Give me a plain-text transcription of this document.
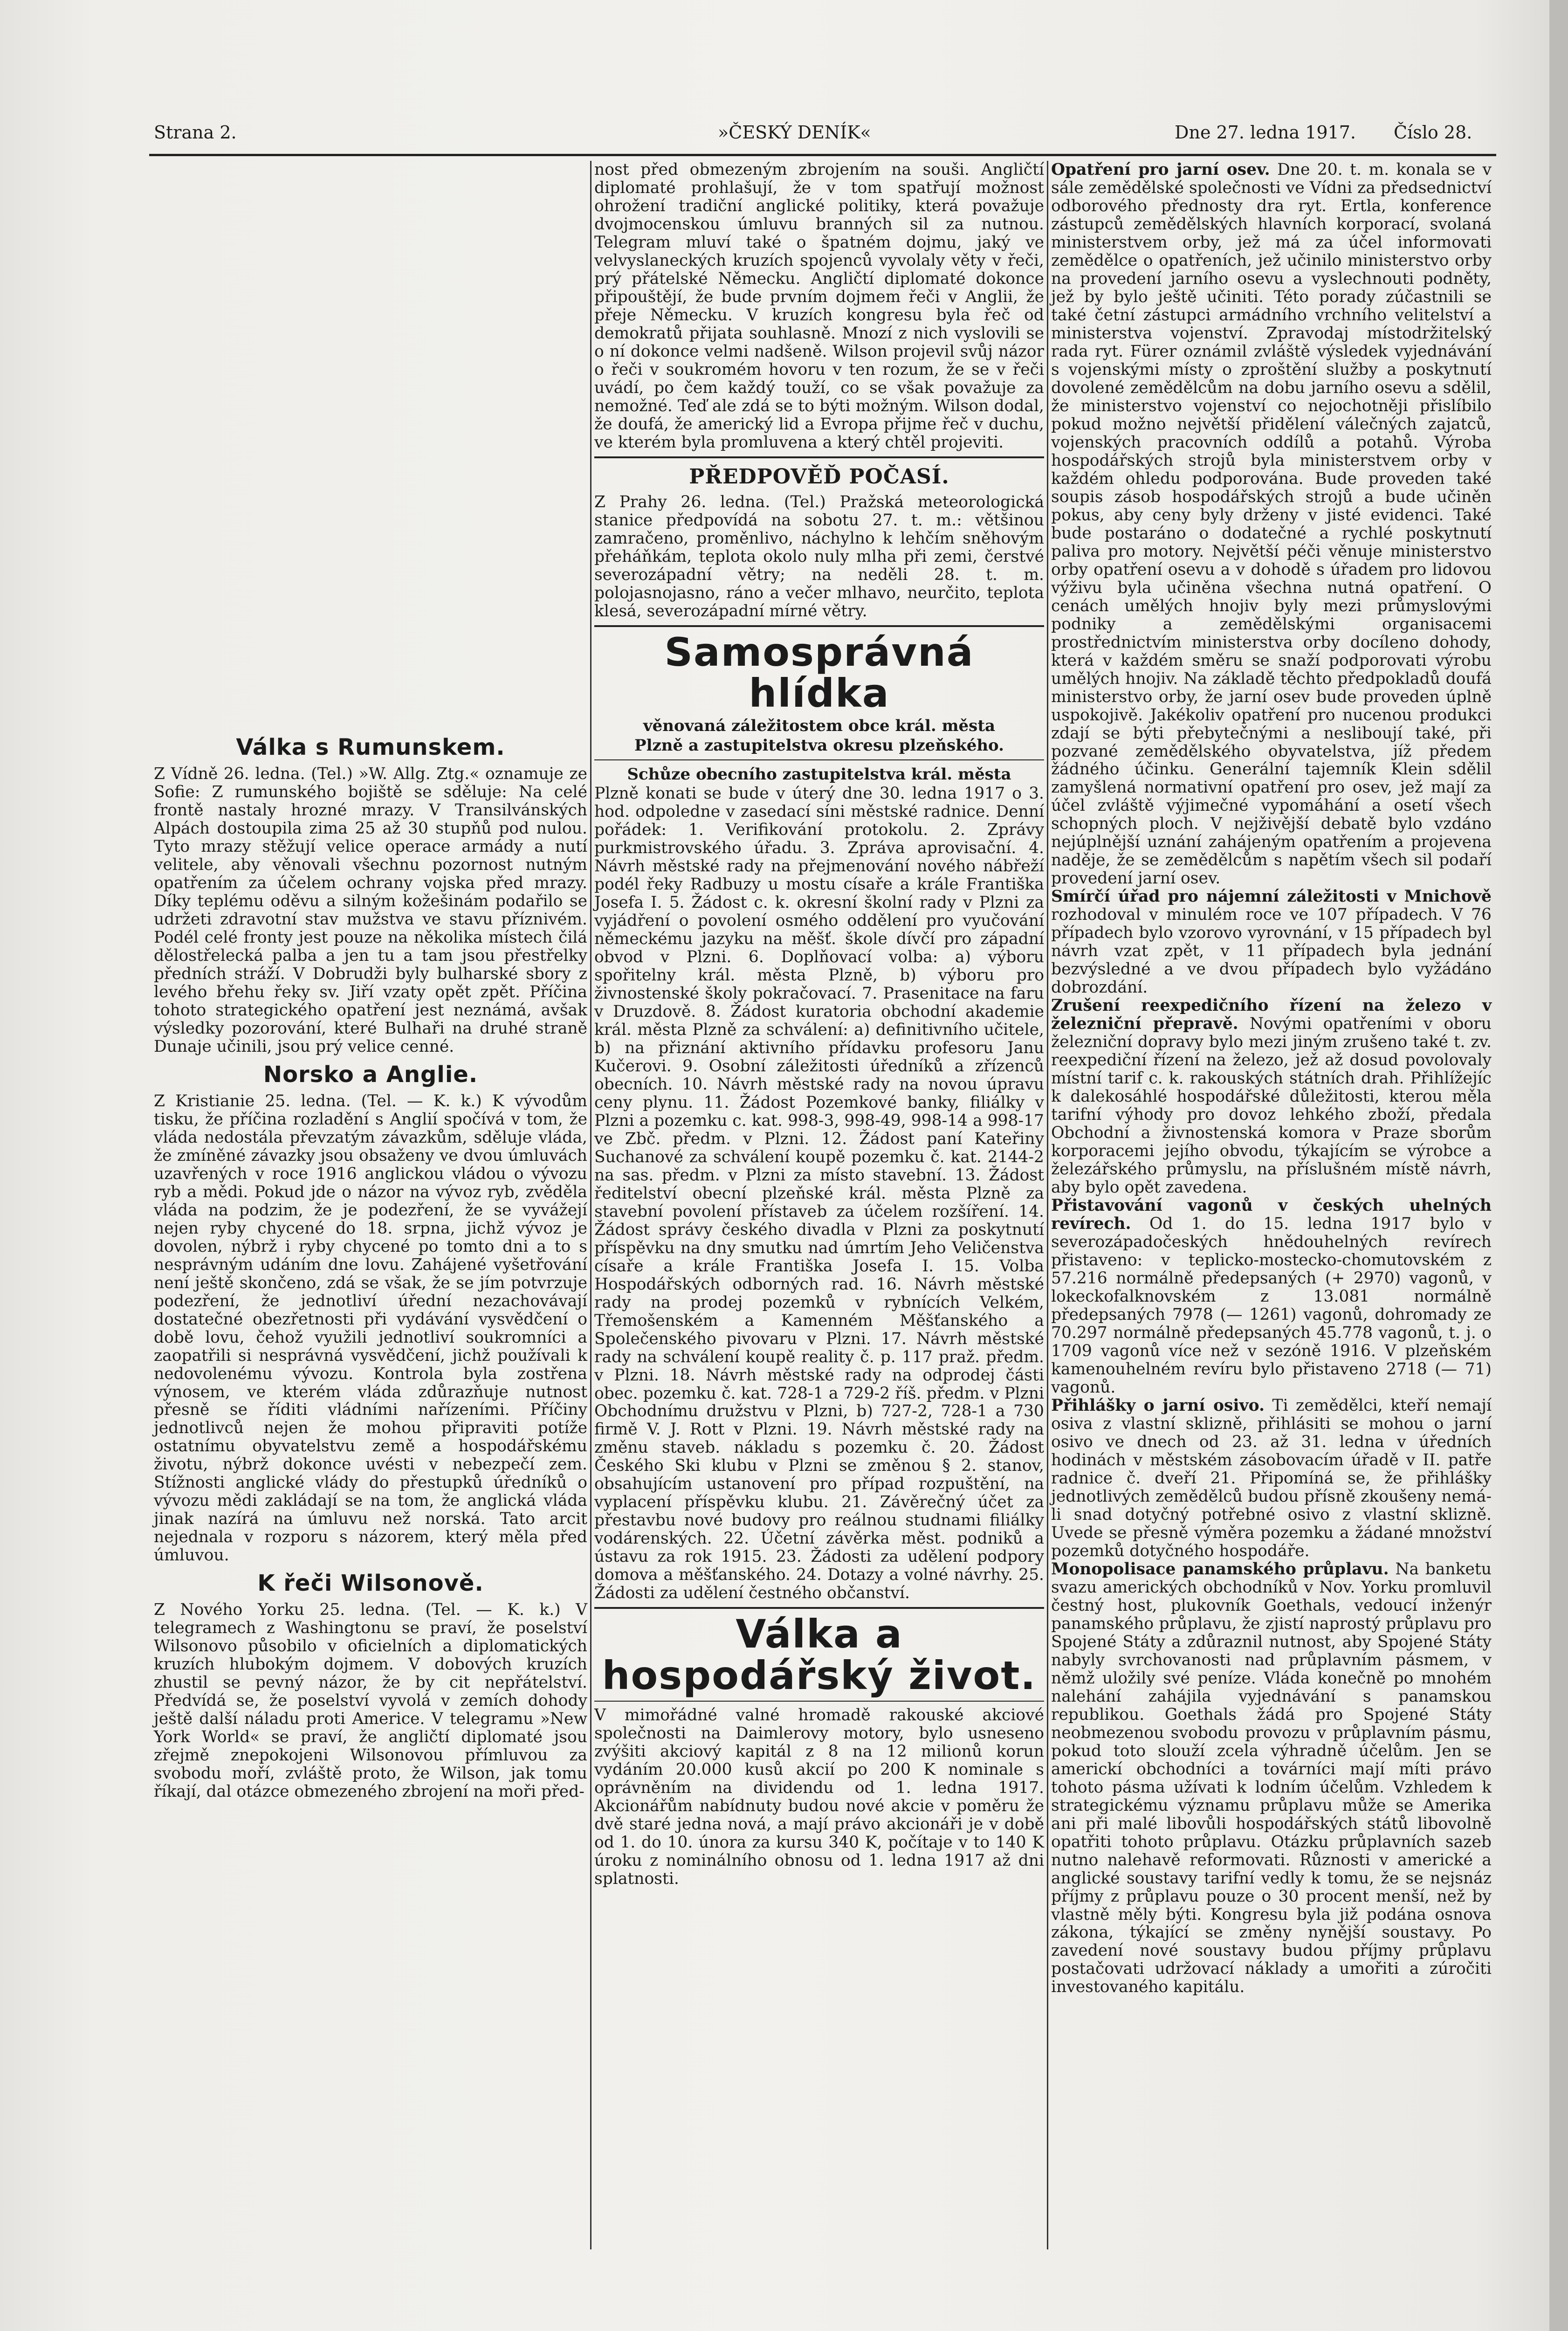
Strana 2.	»ČESKÝ DENÍK«	Dne 27. ledna 1917. Číslo 28.
Válka s Rumunskem.

Z Vídně 26. ledna. (Tel.) »W. Allg. Ztg.« oznamuje ze Sofie: Z rumunského bojiště se sděluje: Na celé frontě nastaly hrozné mrazy. V Transilvánských Alpách dostoupila zima 25 až 30 stupňů pod nulou. Tyto mrazy stěžují velice operace armády a nutí velitele, aby věnovali všechnu pozornost nutným opatřením za účelem ochrany vojska před mrazy. Díky teplému oděvu a silným kožešinám podařilo se udržeti zdravotní stav mužstva ve stavu příznivém. Podél celé fronty jest pouze na několika místech čilá dělostřelecká palba a jen tu a tam jsou přestřelky předních stráží. V Dobrudži byly bulharské sbory z levého břehu řeky sv. Jiří vzaty opět zpět. Příčina tohoto strategického opatření jest neznámá, avšak výsledky pozorování, které Bulhaři na druhé straně Dunaje učinili, jsou prý velice cenné.

Norsko a Anglie.

Z Kristianie 25. ledna. (Tel. — K. k.) K vývodům tisku, že příčina rozladění s Anglií spočívá v tom, že vláda nedostála převzatým závazkům, sděluje vláda, že zmíněné závazky jsou obsaženy ve dvou úmluvách uzavřených v roce 1916 anglickou vládou o vývozu ryb a mědi. Pokud jde o názor na vývoz ryb, zvěděla vláda na podzim, že je podezření, že se vyvážejí nejen ryby chycené do 18. srpna, jichž vývoz je dovolen, nýbrž i ryby chycené po tomto dni a to s nesprávným udáním dne lovu. Zahájené vyšetřování není ještě skončeno, zdá se však, že se jím potvrzuje podezření, že jednotliví úřední nezachovávají dostatečné obezřetnosti při vydávání vysvědčení o době lovu, čehož využili jednotliví soukromníci a zaopatřili si nesprávná vysvědčení, jichž používali k nedovolenému vývozu. Kontrola byla zostřena výnosem, ve kterém vláda zdůrazňuje nutnost přesně se říditi vládními nařízeními. Příčiny jednotlivců nejen že mohou připraviti potíže ostatnímu obyvatelstvu země a hospodářskému životu, nýbrž dokonce uvésti v nebezpečí zem. Stížnosti anglické vlády do přestupků úředníků o vývozu mědi zakládají se na tom, že anglická vláda jinak nazírá na úmluvu než norská. Tato arcit nejednala v rozporu s názorem, který měla před úmluvou.

K řeči Wilsonově.

Z Nového Yorku 25. ledna. (Tel. — K. k.) V telegramech z Washingtonu se praví, že poselství Wilsonovo působilo v oficielních a diplomatických kruzích hlubokým dojmem. V dobových kruzích zhustil se pevný názor, že by cit nepřátelství. Předvídá se, že poselství vyvolá v zemích dohody ještě další náladu proti Americe. V telegramu »New York World« se praví, že angličtí diplomaté jsou zřejmě znepokojeni Wilsonovou přímluvou za svobodu moří, zvláště proto, že Wilson, jak tomu říkají, dal otázce obmezeného zbrojení na moři před-

nost před obmezeným zbrojením na souši. Angličtí diplomaté prohlašují, že v tom spatřují možnost ohrožení tradiční anglické politiky, která považuje dvojmocenskou úmluvu branných sil za nutnou. Telegram mluví také o špatném dojmu, jaký ve velvyslaneckých kruzích spojenců vyvolaly věty v řeči, prý přátelské Německu. Angličtí diplomaté dokonce připouštějí, že bude prvním dojmem řeči v Anglii, že přeje Německu. V kruzích kongresu byla řeč od demokratů přijata souhlasně. Mnozí z nich vyslovili se o ní dokonce velmi nadšeně. Wilson projevil svůj názor o řeči v soukromém hovoru v ten rozum, že se v řeči uvádí, po čem každý touží, co se však považuje za nemožné. Teď ale zdá se to býti možným. Wilson dodal, že doufá, že americký lid a Evropa přijme řeč v duchu, ve kterém byla promluvena a který chtěl projeviti.

PŘEDPOVĚĎ POČASÍ.

Z Prahy 26. ledna. (Tel.) Pražská meteorologická stanice předpovídá na sobotu 27. t. m.: většinou zamračeno, proměnlivo, náchylno k lehčím sněhovým přeháňkám, teplota okolo nuly mlha při zemi, čerstvé severozápadní větry; na neděli 28. t. m. polojasnojasno, ráno a večer mlhavo, neurčito, teplota klesá, severozápadní mírné větry.

Samosprávná hlídka
věnovaná záležitostem obce král. města
Plzně a zastupitelstva okresu plzeňského.
Schůze obecního zastupitelstva král. města

Plzně konati se bude v úterý dne 30. ledna 1917 o 3. hod. odpoledne v zasedací síni městské radnice. Denní pořádek: 1. Verifikování protokolu. 2. Zprávy purkmistrovského úřadu. 3. Zpráva aprovisační. 4. Návrh městské rady na přejmenování nového nábřeží podél řeky Radbuzy u mostu císaře a krále Františka Josefa I. 5. Žádost c. k. okresní školní rady v Plzni za vyjádření o povolení osmého oddělení pro vyučování německému jazyku na měšť. škole dívčí pro západní obvod v Plzni. 6. Doplňovací volba: a) výboru spořitelny král. města Plzně, b) výboru pro živnostenské školy pokračovací. 7. Prasenitace na faru v Druzdově. 8. Žádost kuratoria obchodní akademie král. města Plzně za schválení: a) definitivního učitele, b) na přiznání aktivního přídavku profesoru Janu Kučerovi. 9. Osobní záležitosti úředníků a zřízenců obecních. 10. Návrh městské rady na novou úpravu ceny plynu. 11. Žádost Pozemkové banky, filiálky v Plzni a pozemku c. kat. 998-3, 998-49, 998-14 a 998-17 ve Zbč. předm. v Plzni. 12. Žádost paní Kateřiny Suchanové za schválení koupě pozemku č. kat. 2144-2 na sas. předm. v Plzni za místo stavební. 13. Žádost ředitelství obecní plzeňské král. města Plzně za stavební povolení přístaveb za účelem rozšíření. 14. Žádost správy českého divadla v Plzni za poskytnutí příspěvku na dny smutku nad úmrtím Jeho Veličenstva císaře a krále Františka Josefa I. 15. Volba Hospodářských odborných rad. 16. Návrh městské rady na prodej pozemků v rybnících Velkém, Třemošenském a Kamenném Měšťanského a Společenského pivovaru v Plzni. 17. Návrh městské rady na schválení koupě reality č. p. 117 praž. předm. v Plzni. 18. Návrh městské rady na odprodej části obec. pozemku č. kat. 728-1 a 729-2 říš. předm. v Plzni Obchodnímu družstvu v Plzni, b) 727-2, 728-1 a 730 firmě V. J. Rott v Plzni. 19. Návrh městské rady na změnu staveb. nákladu s pozemku č. 20. Žádost Českého Ski klubu v Plzni se změnou § 2. stanov, obsahujícím ustanovení pro případ rozpuštění, na vyplacení příspěvku klubu. 21. Závěrečný účet za přestavbu nové budovy pro reálnou studnami filiálky vodárenských. 22. Účetní závěrka měst. podniků a ústavu za rok 1915. 23. Žádosti za udělení podpory domova a měšťanského. 24. Dotazy a volné návrhy. 25. Žádosti za udělení čestného občanství.

Válka a hospodářský život.

V mimořádné valné hromadě rakouské akciové společnosti na Daimlerovy motory, bylo usneseno zvýšiti akciový kapitál z 8 na 12 milionů korun vydáním 20.000 kusů akcií po 200 K nominale s oprávněním na dividendu od 1. ledna 1917. Akcionářům nabídnuty budou nové akcie v poměru že dvě staré jedna nová, a mají právo akcionáři je v době od 1. do 10. února za kursu 340 K, počítaje v to 140 K úroku z nominálního obnosu od 1. ledna 1917 až dni splatnosti.

Opatření pro jarní osev. Dne 20. t. m. konala se v sále zemědělské společnosti ve Vídni za předsednictví odborového přednosty dra ryt. Ertla, konference zástupců zemědělských hlavních korporací, svolaná ministerstvem orby, jež má za účel informovati zemědělce o opatřeních, jež učinilo ministerstvo orby na provedení jarního osevu a vyslechnouti podněty, jež by bylo ještě učiniti. Této porady zúčastnili se také četní zástupci armádního vrchního velitelství a ministerstva vojenství. Zpravodaj místodržitelský rada ryt. Fürer oznámil zvláště výsledek vyjednávání s vojenskými místy o zproštění služby a poskytnutí dovolené zemědělcům na dobu jarního osevu a sdělil, že ministerstvo vojenství co nejochotněji přislíbilo pokud možno největší přidělení válečných zajatců, vojenských pracovních oddílů a potahů. Výroba hospodářských strojů byla ministerstvem orby v každém ohledu podporována. Bude proveden také soupis zásob hospodářských strojů a bude učiněn pokus, aby ceny byly drženy v jisté evidenci. Také bude postaráno o dodatečné a rychlé poskytnutí paliva pro motory. Největší péči věnuje ministerstvo orby opatření osevu a v dohodě s úřadem pro lidovou výživu byla učiněna všechna nutná opatření. O cenách umělých hnojiv byly mezi průmyslovými podniky a zemědělskými organisacemi prostřednictvím ministerstva orby docíleno dohody, která v každém směru se snaží podporovati výrobu umělých hnojiv. Na základě těchto předpokladů doufá ministerstvo orby, že jarní osev bude proveden úplně uspokojivě. Jakékoliv opatření pro nucenou produkci zdají se býti přebytečnými a nesliboují také, při pozvané zemědělského obyvatelstva, jíž předem žádného účinku. Generální tajemník Klein sdělil zamyšlená normativní opatření pro osev, jež mají za účel zvláště výjimečné vypomáhání a osetí všech schopných ploch. V nejživější debatě bylo vzdáno nejúplnější uznání zahájeným opatřením a projevena naděje, že se zemědělcům s napětím všech sil podaří provedení jarní osev.

Smírčí úřad pro nájemní záležitosti v Mnichově rozhodoval v minulém roce ve 107 případech. V 76 případech bylo vzorovo vyrovnání, v 15 případech byl návrh vzat zpět, v 11 případech byla jednání bezvýsledné a ve dvou případech bylo vyžádáno dobrozdání.

Zrušení reexpedičního řízení na železo v železniční přepravě. Novými opatřeními v oboru železniční dopravy bylo mezi jiným zrušeno také t. zv. reexpediční řízení na železo, jež až dosud povolovaly místní tarif c. k. rakouských státních drah. Přihlížejíc k dalekosáhlé hospodářské důležitosti, kterou měla tarifní výhody pro dovoz lehkého zboží, předala Obchodní a živnostenská komora v Praze sborům korporacemi jejího obvodu, týkajícím se výrobce a železářského průmyslu, na příslušném místě návrh, aby bylo opět zavedena.

Přistavování vagonů v českých uhelných revírech. Od 1. do 15. ledna 1917 bylo v severozápadočeských hnědouhelných revírech přistaveno: v teplicko-mostecko-chomutovském z 57.216 normálně předepsaných (+ 2970) vagonů, v lokeckofalknovském z 13.081 normálně předepsaných 7978 (— 1261) vagonů, dohromady ze 70.297 normálně předepsaných 45.778 vagonů, t. j. o 1709 vagonů více než v sezóně 1916. V plzeňském kamenouhelném revíru bylo přistaveno 2718 (— 71) vagonů.

Přihlášky o jarní osivo. Ti zemědělci, kteří nemají osiva z vlastní sklizně, přihlásiti se mohou o jarní osivo ve dnech od 23. až 31. ledna v úředních hodinách v městském zásobovacím úřadě v II. patře radnice č. dveří 21. Připomíná se, že přihlášky jednotlivých zemědělců budou přísně zkoušeny nemá-li snad dotyčný potřebné osivo z vlastní sklizně. Uvede se přesně výměra pozemku a žádané množství pozemků dotyčného hospodáře.

Monopolisace panamského průplavu. Na banketu svazu amerických obchodníků v Nov. Yorku promluvil čestný host, plukovník Goethals, vedoucí inženýr panamského průplavu, že zjistí naprostý průplavu pro Spojené Státy a zdůraznil nutnost, aby Spojené Státy nabyly svrchovanosti nad průplavním pásmem, v němž uložily své peníze. Vláda konečně po mnohém nalehání zahájila vyjednávání s panamskou republikou. Goethals žádá pro Spojené Státy neobmezenou svobodu provozu v průplavním pásmu, pokud toto slouží zcela výhradně účelům. Jen se americkí obchodníci a továrníci mají míti právo tohoto pásma užívati k lodním účelům. Vzhledem k strategickému významu průplavu může se Amerika ani při malé libovůli hospodářských států libovolně opatřiti tohoto průplavu. Otázku průplavních sazeb nutno nalehavě reformovati. Různosti v americké a anglické soustavy tarifní vedly k tomu, že se nejsnáz příjmy z průplavu pouze o 30 procent menší, než by vlastně měly býti. Kongresu byla již podána osnova zákona, týkající se změny nynější soustavy. Po zavedení nové soustavy budou příjmy průplavu postačovati udržovací náklady a umořiti a zúročiti investovaného kapitálu.
